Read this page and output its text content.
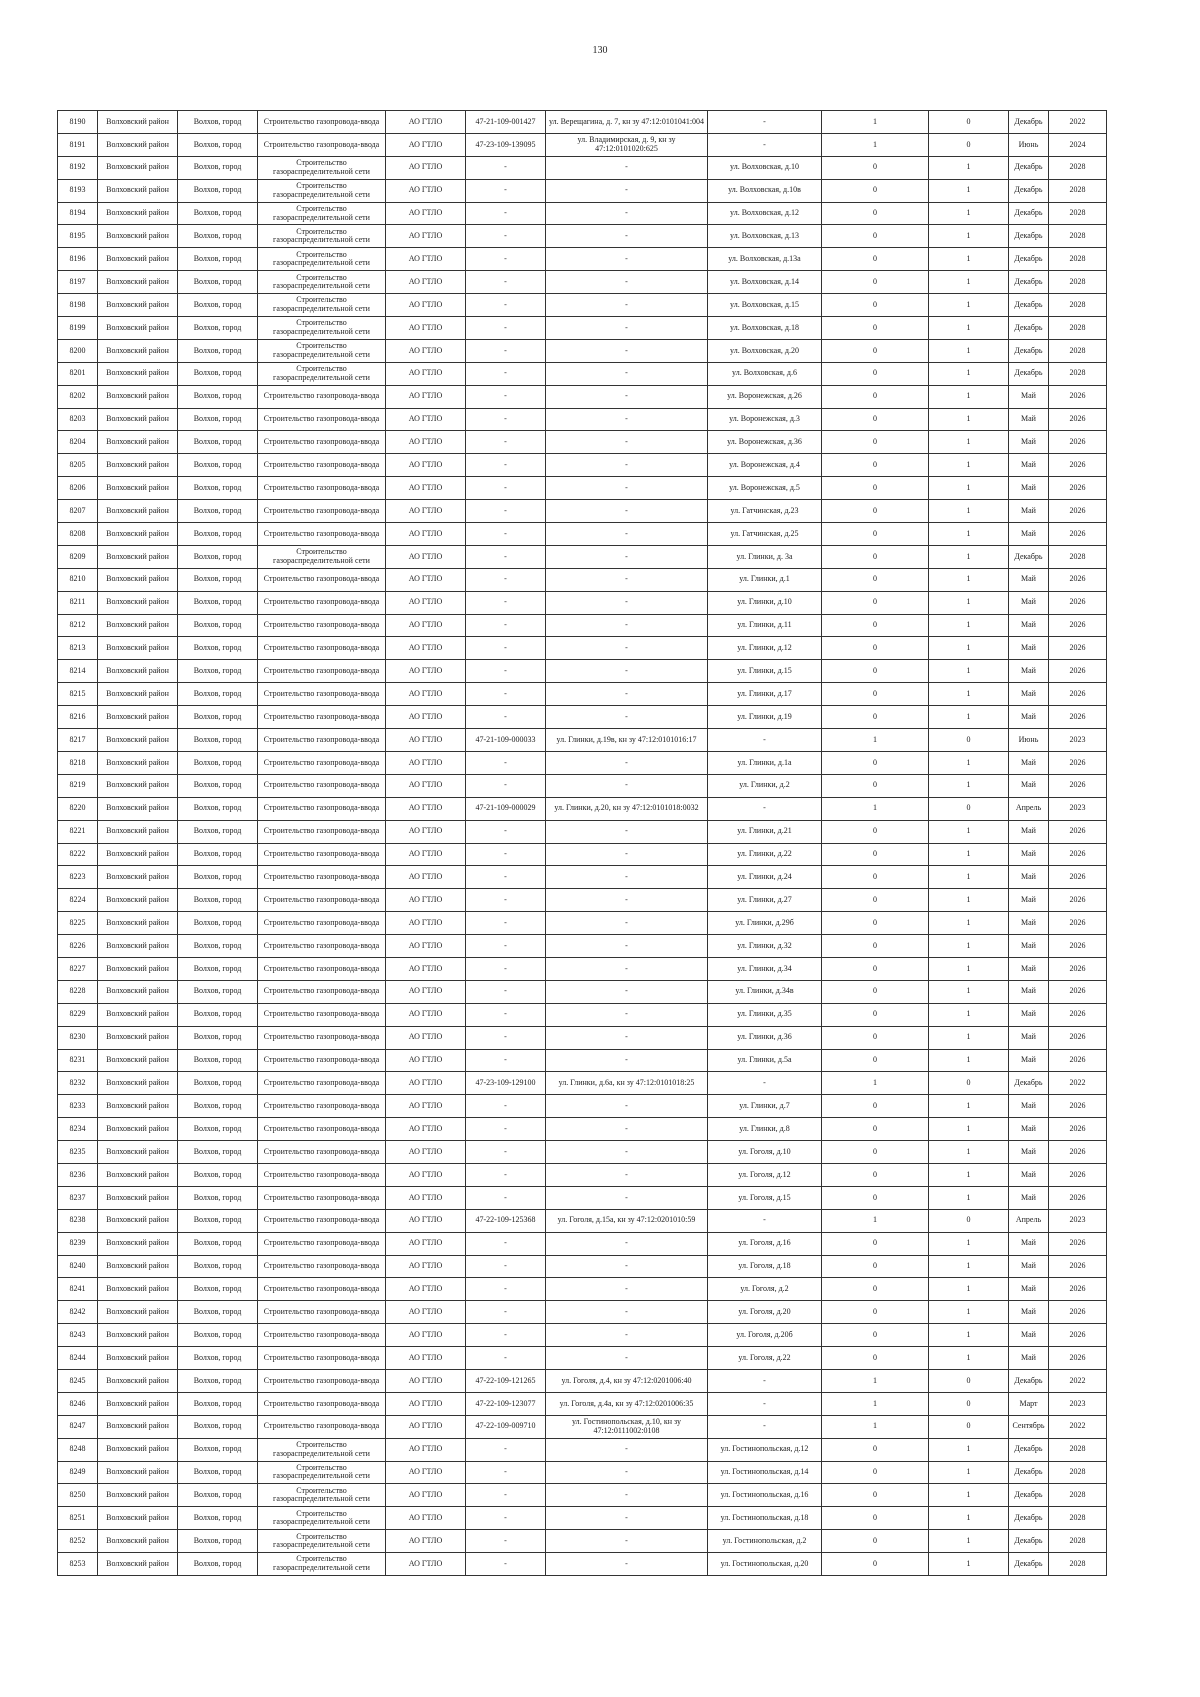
130
8190	Волховский район	Волхов, город	Строительство газопровода-ввода	АО ГТЛО	47-21-109-001427	ул. Верещагина, д. 7, кн зу 47:12:0101041:004	-	1	0	Декабрь	2022
8191	Волховский район	Волхов, город	Строительство газопровода-ввода	АО ГТЛО	47-23-109-139095	ул. Владимирская, д. 9, кн зу 47:12:0101020:625	-	1	0	Июнь	2024
8192	Волховский район	Волхов, город	Строительство газораспределительной сети	АО ГТЛО	-	-	ул. Волховская, д.10	0	1	Декабрь	2028
8193	Волховский район	Волхов, город	Строительство газораспределительной сети	АО ГТЛО	-	-	ул. Волховская, д.10в	0	1	Декабрь	2028
8194	Волховский район	Волхов, город	Строительство газораспределительной сети	АО ГТЛО	-	-	ул. Волховская, д.12	0	1	Декабрь	2028
8195	Волховский район	Волхов, город	Строительство газораспределительной сети	АО ГТЛО	-	-	ул. Волховская, д.13	0	1	Декабрь	2028
8196	Волховский район	Волхов, город	Строительство газораспределительной сети	АО ГТЛО	-	-	ул. Волховская, д.13а	0	1	Декабрь	2028
8197	Волховский район	Волхов, город	Строительство газораспределительной сети	АО ГТЛО	-	-	ул. Волховская, д.14	0	1	Декабрь	2028
8198	Волховский район	Волхов, город	Строительство газораспределительной сети	АО ГТЛО	-	-	ул. Волховская, д.15	0	1	Декабрь	2028
8199	Волховский район	Волхов, город	Строительство газораспределительной сети	АО ГТЛО	-	-	ул. Волховская, д.18	0	1	Декабрь	2028
8200	Волховский район	Волхов, город	Строительство газораспределительной сети	АО ГТЛО	-	-	ул. Волховская, д.20	0	1	Декабрь	2028
8201	Волховский район	Волхов, город	Строительство газораспределительной сети	АО ГТЛО	-	-	ул. Волховская, д.6	0	1	Декабрь	2028
8202	Волховский район	Волхов, город	Строительство газопровода-ввода	АО ГТЛО	-	-	ул. Воронежская, д.26	0	1	Май	2026
8203	Волховский район	Волхов, город	Строительство газопровода-ввода	АО ГТЛО	-	-	ул. Воронежская, д.3	0	1	Май	2026
8204	Волховский район	Волхов, город	Строительство газопровода-ввода	АО ГТЛО	-	-	ул. Воронежская, д.36	0	1	Май	2026
8205	Волховский район	Волхов, город	Строительство газопровода-ввода	АО ГТЛО	-	-	ул. Воронежская, д.4	0	1	Май	2026
8206	Волховский район	Волхов, город	Строительство газопровода-ввода	АО ГТЛО	-	-	ул. Воронежская, д.5	0	1	Май	2026
8207	Волховский район	Волхов, город	Строительство газопровода-ввода	АО ГТЛО	-	-	ул. Гатчинская, д.23	0	1	Май	2026
8208	Волховский район	Волхов, город	Строительство газопровода-ввода	АО ГТЛО	-	-	ул. Гатчинская, д.25	0	1	Май	2026
8209	Волховский район	Волхов, город	Строительство газораспределительной сети	АО ГТЛО	-	-	ул. Глинки, д. 3а	0	1	Декабрь	2028
8210	Волховский район	Волхов, город	Строительство газопровода-ввода	АО ГТЛО	-	-	ул. Глинки, д.1	0	1	Май	2026
8211	Волховский район	Волхов, город	Строительство газопровода-ввода	АО ГТЛО	-	-	ул. Глинки, д.10	0	1	Май	2026
8212	Волховский район	Волхов, город	Строительство газопровода-ввода	АО ГТЛО	-	-	ул. Глинки, д.11	0	1	Май	2026
8213	Волховский район	Волхов, город	Строительство газопровода-ввода	АО ГТЛО	-	-	ул. Глинки, д.12	0	1	Май	2026
8214	Волховский район	Волхов, город	Строительство газопровода-ввода	АО ГТЛО	-	-	ул. Глинки, д.15	0	1	Май	2026
8215	Волховский район	Волхов, город	Строительство газопровода-ввода	АО ГТЛО	-	-	ул. Глинки, д.17	0	1	Май	2026
8216	Волховский район	Волхов, город	Строительство газопровода-ввода	АО ГТЛО	-	-	ул. Глинки, д.19	0	1	Май	2026
8217	Волховский район	Волхов, город	Строительство газопровода-ввода	АО ГТЛО	47-21-109-000033	ул. Глинки, д.19в, кн зу 47:12:0101016:17	-	1	0	Июнь	2023
8218	Волховский район	Волхов, город	Строительство газопровода-ввода	АО ГТЛО	-	-	ул. Глинки, д.1а	0	1	Май	2026
8219	Волховский район	Волхов, город	Строительство газопровода-ввода	АО ГТЛО	-	-	ул. Глинки, д.2	0	1	Май	2026
8220	Волховский район	Волхов, город	Строительство газопровода-ввода	АО ГТЛО	47-21-109-000029	ул. Глинки, д.20, кн зу 47:12:0101018:0032	-	1	0	Апрель	2023
8221	Волховский район	Волхов, город	Строительство газопровода-ввода	АО ГТЛО	-	-	ул. Глинки, д.21	0	1	Май	2026
8222	Волховский район	Волхов, город	Строительство газопровода-ввода	АО ГТЛО	-	-	ул. Глинки, д.22	0	1	Май	2026
8223	Волховский район	Волхов, город	Строительство газопровода-ввода	АО ГТЛО	-	-	ул. Глинки, д.24	0	1	Май	2026
8224	Волховский район	Волхов, город	Строительство газопровода-ввода	АО ГТЛО	-	-	ул. Глинки, д.27	0	1	Май	2026
8225	Волховский район	Волхов, город	Строительство газопровода-ввода	АО ГТЛО	-	-	ул. Глинки, д.29б	0	1	Май	2026
8226	Волховский район	Волхов, город	Строительство газопровода-ввода	АО ГТЛО	-	-	ул. Глинки, д.32	0	1	Май	2026
8227	Волховский район	Волхов, город	Строительство газопровода-ввода	АО ГТЛО	-	-	ул. Глинки, д.34	0	1	Май	2026
8228	Волховский район	Волхов, город	Строительство газопровода-ввода	АО ГТЛО	-	-	ул. Глинки, д.34в	0	1	Май	2026
8229	Волховский район	Волхов, город	Строительство газопровода-ввода	АО ГТЛО	-	-	ул. Глинки, д.35	0	1	Май	2026
8230	Волховский район	Волхов, город	Строительство газопровода-ввода	АО ГТЛО	-	-	ул. Глинки, д.36	0	1	Май	2026
8231	Волховский район	Волхов, город	Строительство газопровода-ввода	АО ГТЛО	-	-	ул. Глинки, д.5а	0	1	Май	2026
8232	Волховский район	Волхов, город	Строительство газопровода-ввода	АО ГТЛО	47-23-109-129100	ул. Глинки, д.6а, кн зу 47:12:0101018:25	-	1	0	Декабрь	2022
8233	Волховский район	Волхов, город	Строительство газопровода-ввода	АО ГТЛО	-	-	ул. Глинки, д.7	0	1	Май	2026
8234	Волховский район	Волхов, город	Строительство газопровода-ввода	АО ГТЛО	-	-	ул. Глинки, д.8	0	1	Май	2026
8235	Волховский район	Волхов, город	Строительство газопровода-ввода	АО ГТЛО	-	-	ул. Гоголя, д.10	0	1	Май	2026
8236	Волховский район	Волхов, город	Строительство газопровода-ввода	АО ГТЛО	-	-	ул. Гоголя, д.12	0	1	Май	2026
8237	Волховский район	Волхов, город	Строительство газопровода-ввода	АО ГТЛО	-	-	ул. Гоголя, д.15	0	1	Май	2026
8238	Волховский район	Волхов, город	Строительство газопровода-ввода	АО ГТЛО	47-22-109-125368	ул. Гоголя, д.15а, кн зу 47:12:0201010:59	-	1	0	Апрель	2023
8239	Волховский район	Волхов, город	Строительство газопровода-ввода	АО ГТЛО	-	-	ул. Гоголя, д.16	0	1	Май	2026
8240	Волховский район	Волхов, город	Строительство газопровода-ввода	АО ГТЛО	-	-	ул. Гоголя, д.18	0	1	Май	2026
8241	Волховский район	Волхов, город	Строительство газопровода-ввода	АО ГТЛО	-	-	ул. Гоголя, д.2	0	1	Май	2026
8242	Волховский район	Волхов, город	Строительство газопровода-ввода	АО ГТЛО	-	-	ул. Гоголя, д.20	0	1	Май	2026
8243	Волховский район	Волхов, город	Строительство газопровода-ввода	АО ГТЛО	-	-	ул. Гоголя, д.20б	0	1	Май	2026
8244	Волховский район	Волхов, город	Строительство газопровода-ввода	АО ГТЛО	-	-	ул. Гоголя, д.22	0	1	Май	2026
8245	Волховский район	Волхов, город	Строительство газопровода-ввода	АО ГТЛО	47-22-109-121265	ул. Гоголя, д.4, кн зу 47:12:0201006:40	-	1	0	Декабрь	2022
8246	Волховский район	Волхов, город	Строительство газопровода-ввода	АО ГТЛО	47-22-109-123077	ул. Гоголя, д.4а, кн зу 47:12:0201006:35	-	1	0	Март	2023
8247	Волховский район	Волхов, город	Строительство газопровода-ввода	АО ГТЛО	47-22-109-009710	ул. Гостинопольская, д.10, кн зу 47:12:0111002:0108	-	1	0	Сентябрь	2022
8248	Волховский район	Волхов, город	Строительство газораспределительной сети	АО ГТЛО	-	-	ул. Гостинопольская, д.12	0	1	Декабрь	2028
8249	Волховский район	Волхов, город	Строительство газораспределительной сети	АО ГТЛО	-	-	ул. Гостинопольская, д.14	0	1	Декабрь	2028
8250	Волховский район	Волхов, город	Строительство газораспределительной сети	АО ГТЛО	-	-	ул. Гостинопольская, д.16	0	1	Декабрь	2028
8251	Волховский район	Волхов, город	Строительство газораспределительной сети	АО ГТЛО	-	-	ул. Гостинопольская, д.18	0	1	Декабрь	2028
8252	Волховский район	Волхов, город	Строительство газораспределительной сети	АО ГТЛО	-	-	ул. Гостинопольская, д.2	0	1	Декабрь	2028
8253	Волховский район	Волхов, город	Строительство газораспределительной сети	АО ГТЛО	-	-	ул. Гостинопольская, д.20	0	1	Декабрь	2028
